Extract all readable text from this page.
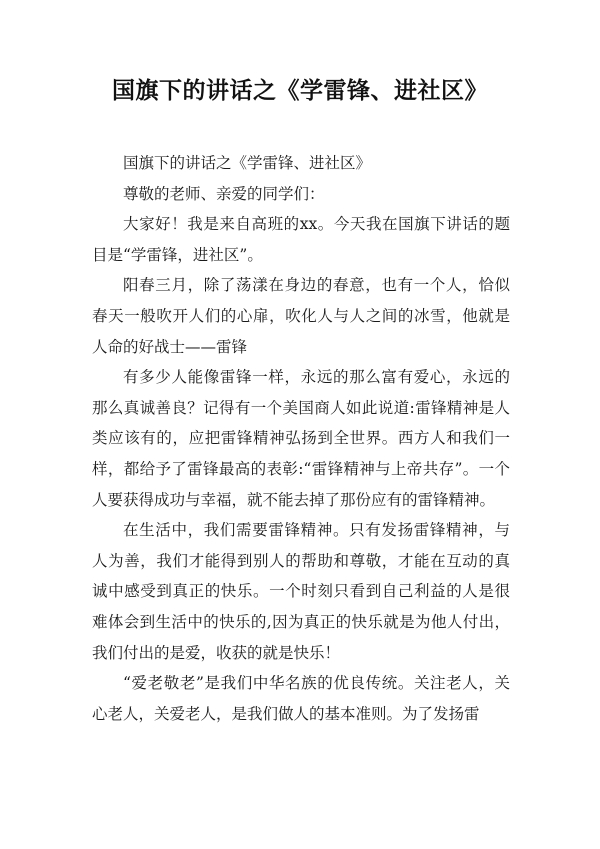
国旗下的讲话之《学雷锋、进社区》

国旗下的讲话之《学雷锋、进社区》

尊敬的老师、亲爱的同学们：

大家好！我是来自高班的xx。今天我在国旗下讲话的题目是“学雷锋，进社区”。

阳春三月，除了荡漾在身边的春意，也有一个人，恰似春天一般吹开人们的心扉，吹化人与人之间的冰雪，他就是人命的好战士——雷锋

有多少人能像雷锋一样，永远的那么富有爱心，永远的那么真诚善良？记得有一个美国商人如此说道:雷锋精神是人类应该有的，应把雷锋精神弘扬到全世界。西方人和我们一样，都给予了雷锋最高的表彰:“雷锋精神与上帝共存”。一个人要获得成功与幸福，就不能去掉了那份应有的雷锋精神。

在生活中，我们需要雷锋精神。只有发扬雷锋精神，与人为善，我们才能得到别人的帮助和尊敬，才能在互动的真诚中感受到真正的快乐。一个时刻只看到自己利益的人是很难体会到生活中的快乐的,因为真正的快乐就是为他人付出，我们付出的是爱，收获的就是快乐！

“爱老敬老”是我们中华名族的优良传统。关注老人，关心老人，关爱老人，是我们做人的基本准则。为了发扬雷
